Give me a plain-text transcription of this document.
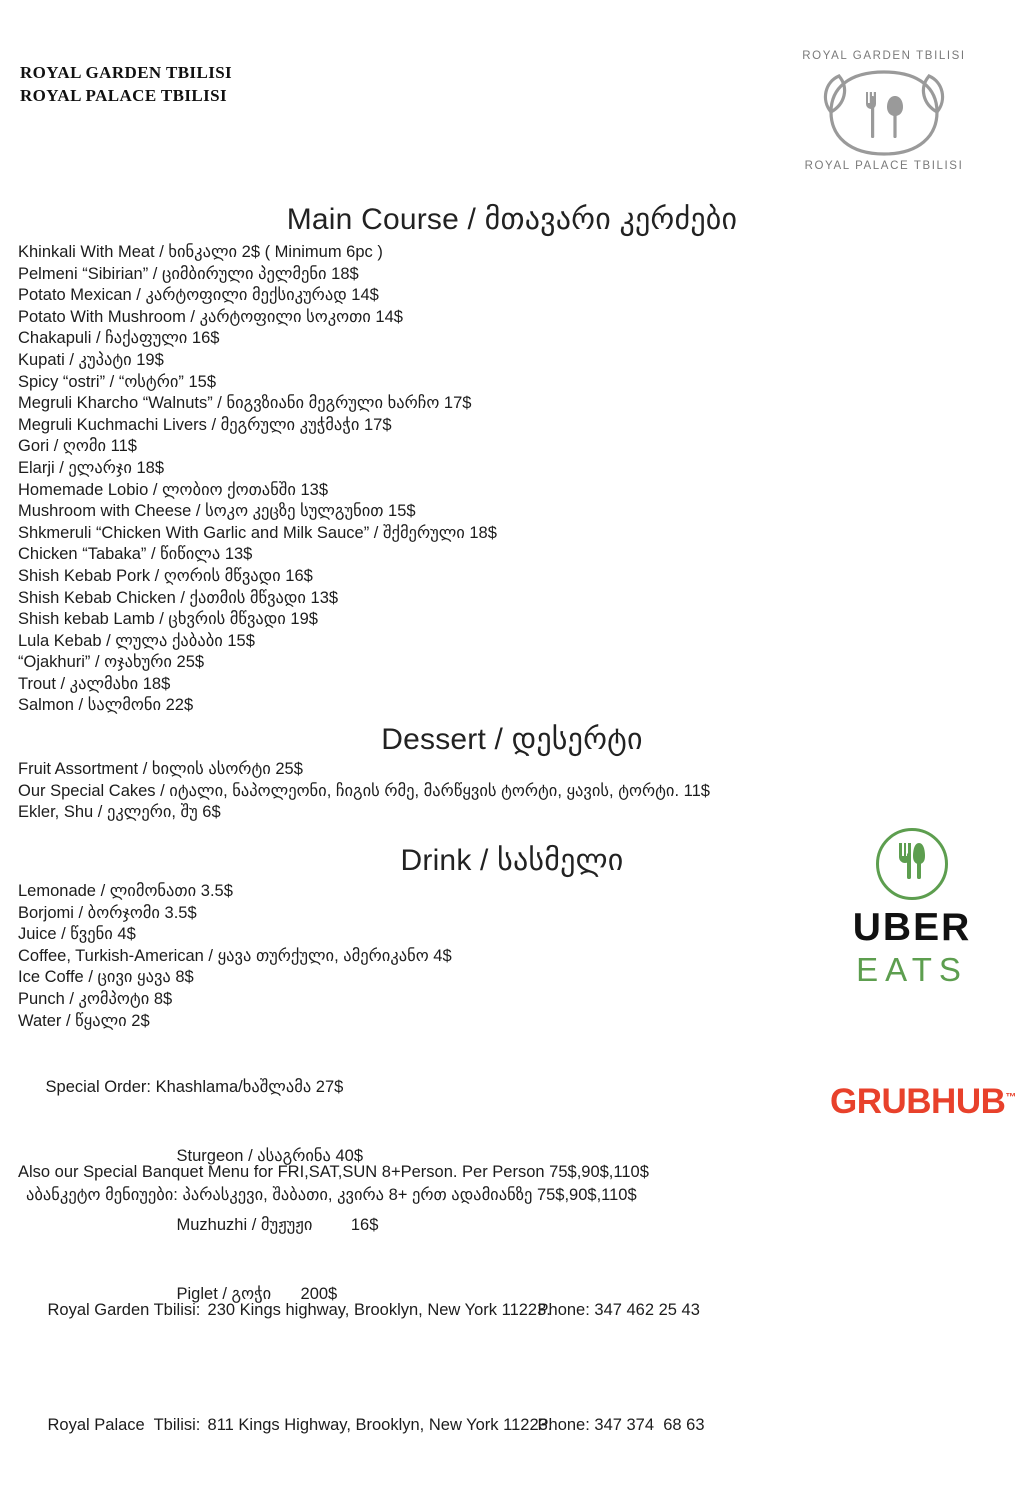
ROYAL GARDEN TBILISI
ROYAL PALACE TBILISI
ROYAL GARDEN TBILISI
ROYAL PALACE TBILISI
Main Course / მთავარი კერძები
Khinkali With Meat / ხინკალი 2$ ( Minimum 6pc )
Pelmeni “Sibirian” / ციმბირული პელმენი 18$
Potato Mexican / კარტოფილი მექსიკურად 14$
Potato With Mushroom / კარტოფილი სოკოთი 14$
Chakapuli / ჩაქაფული 16$
Kupati / კუპატი 19$
Spicy “ostri” / “ოსტრი” 15$
Megruli Kharcho “Walnuts” / ნიგვზიანი მეგრული ხარჩო 17$
Megruli Kuchmachi Livers / მეგრული კუჭმაჭი 17$
Gori / ღომი 11$
Elarji / ელარჯი 18$
Homemade Lobio / ლობიო ქოთანში 13$
Mushroom with Cheese / სოკო კეცზე სულგუნით 15$
Shkmeruli “Chicken With Garlic and Milk Sauce” / შქმერული 18$
Chicken “Tabaka” / წიწილა 13$
Shish Kebab Pork / ღორის მწვადი 16$
Shish Kebab Chicken / ქათმის მწვადი 13$
Shish kebab Lamb / ცხვრის მწვადი 19$
Lula Kebab / ლულა ქაბაბი 15$
“Ojakhuri” / ოჯახური 25$
Trout / კალმახი 18$
Salmon / სალმონი 22$
Dessert / დესერტი
Fruit Assortment / ხილის ასორტი 25$
Our Special Cakes / იტალი, ნაპოლეონი, ჩიგის რმე, მარწყვის ტორტი, ყავის, ტორტი. 11$
Ekler, Shu / ეკლერი, შუ 6$
Drink / სასმელი
Lemonade / ლიმონათი 3.5$
Borjomi / ბორჯომი 3.5$
Juice / წვენი 4$
Coffee, Turkish-American / ყავა თურქული, ამერიკანო 4$
Ice Coffe / ცივი ყავა 8$
Punch / კომპოტი 8$
Water / წყალი 2$

Special Order: Khashlama/ხაშლამა 27$

Sturgeon / ასაგრინა 40$

Muzhuzhi / მუჟუჟი 16$

Piglet / გოჭი 200$

Also our Special Banquet Menu for FRI,SAT,SUN 8+Person. Per Person 75$,90$,110$
აბანკეტო მენიუები: პარასკევი, შაბათი, კვირა 8+ ერთ ადამიანზე 75$,90$,110$

Royal Garden Tbilisi: 230 Kings highway, Brooklyn, New York 11223.Phone: 347 462 25 43

Royal Palace  Tbilisi: 811 Kings Highway, Brooklyn, New York 11223.Phone: 347 374  68 63

UBER
EATS
GRUBHUB™
